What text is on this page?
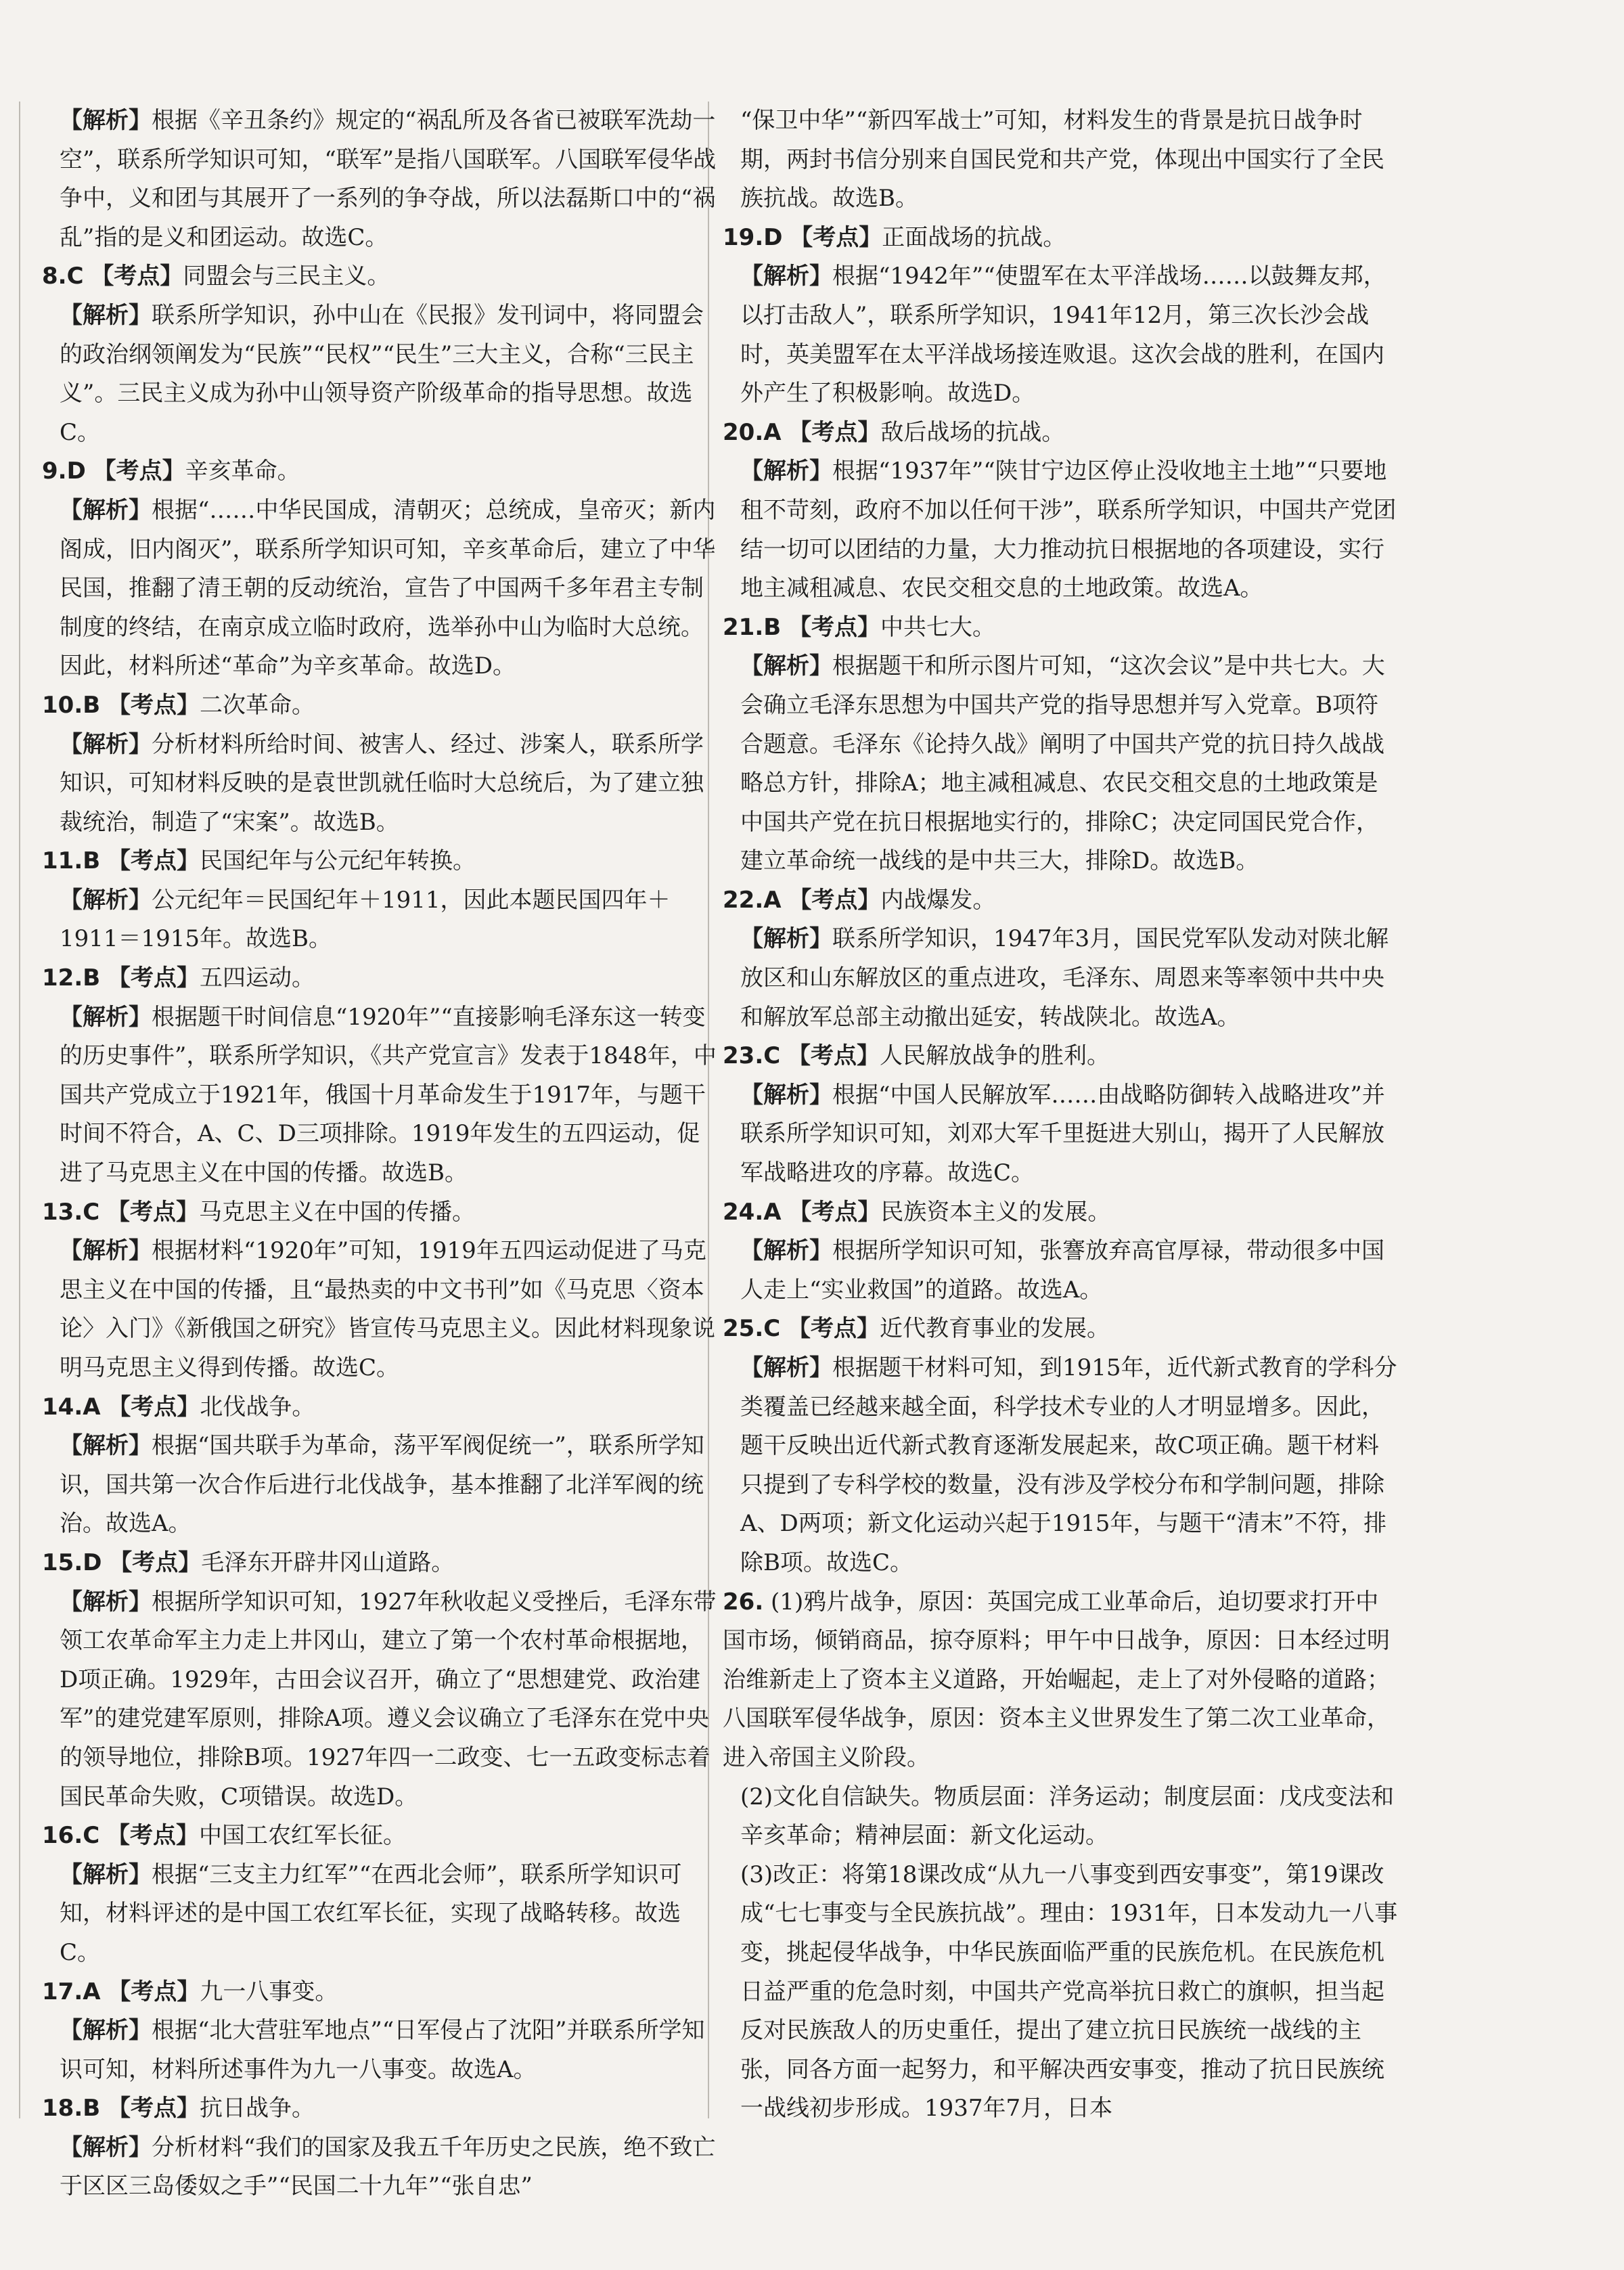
【解析】根据《辛丑条约》规定的“祸乱所及各省已被联军洗劫一空”，联系所学知识可知，“联军”是指八国联军。八国联军侵华战争中，义和团与其展开了一系列的争夺战，所以法磊斯口中的“祸乱”指的是义和团运动。故选C。
8.C 【考点】同盟会与三民主义。
【解析】联系所学知识，孙中山在《民报》发刊词中，将同盟会的政治纲领阐发为“民族”“民权”“民生”三大主义，合称“三民主义”。三民主义成为孙中山领导资产阶级革命的指导思想。故选C。
9.D 【考点】辛亥革命。
【解析】根据“……中华民国成，清朝灭；总统成，皇帝灭；新内阁成，旧内阁灭”，联系所学知识可知，辛亥革命后，建立了中华民国，推翻了清王朝的反动统治，宣告了中国两千多年君主专制制度的终结，在南京成立临时政府，选举孙中山为临时大总统。因此，材料所述“革命”为辛亥革命。故选D。
10.B 【考点】二次革命。
【解析】分析材料所给时间、被害人、经过、涉案人，联系所学知识，可知材料反映的是袁世凯就任临时大总统后，为了建立独裁统治，制造了“宋案”。故选B。
11.B 【考点】民国纪年与公元纪年转换。
【解析】公元纪年＝民国纪年＋1911，因此本题民国四年＋1911＝1915年。故选B。
12.B 【考点】五四运动。
【解析】根据题干时间信息“1920年”“直接影响毛泽东这一转变的历史事件”，联系所学知识，《共产党宣言》发表于1848年，中国共产党成立于1921年，俄国十月革命发生于1917年，与题干时间不符合，A、C、D三项排除。1919年发生的五四运动，促进了马克思主义在中国的传播。故选B。
13.C 【考点】马克思主义在中国的传播。
【解析】根据材料“1920年”可知，1919年五四运动促进了马克思主义在中国的传播，且“最热卖的中文书刊”如《马克思〈资本论〉入门》《新俄国之研究》皆宣传马克思主义。因此材料现象说明马克思主义得到传播。故选C。
14.A 【考点】北伐战争。
【解析】根据“国共联手为革命，荡平军阀促统一”，联系所学知识，国共第一次合作后进行北伐战争，基本推翻了北洋军阀的统治。故选A。
15.D 【考点】毛泽东开辟井冈山道路。
【解析】根据所学知识可知，1927年秋收起义受挫后，毛泽东带领工农革命军主力走上井冈山，建立了第一个农村革命根据地，D项正确。1929年，古田会议召开，确立了“思想建党、政治建军”的建党建军原则，排除A项。遵义会议确立了毛泽东在党中央的领导地位，排除B项。1927年四一二政变、七一五政变标志着国民革命失败，C项错误。故选D。
16.C 【考点】中国工农红军长征。
【解析】根据“三支主力红军”“在西北会师”，联系所学知识可知，材料评述的是中国工农红军长征，实现了战略转移。故选C。
17.A 【考点】九一八事变。
【解析】根据“北大营驻军地点”“日军侵占了沈阳”并联系所学知识可知，材料所述事件为九一八事变。故选A。
18.B 【考点】抗日战争。
【解析】分析材料“我们的国家及我五千年历史之民族，绝不致亡于区区三岛倭奴之手”“民国二十九年”“张自忠”
“保卫中华”“新四军战士”可知，材料发生的背景是抗日战争时期，两封书信分别来自国民党和共产党，体现出中国实行了全民族抗战。故选B。
19.D 【考点】正面战场的抗战。
【解析】根据“1942年”“使盟军在太平洋战场……以鼓舞友邦，以打击敌人”，联系所学知识，1941年12月，第三次长沙会战时，英美盟军在太平洋战场接连败退。这次会战的胜利，在国内外产生了积极影响。故选D。
20.A 【考点】敌后战场的抗战。
【解析】根据“1937年”“陕甘宁边区停止没收地主土地”“只要地租不苛刻，政府不加以任何干涉”，联系所学知识，中国共产党团结一切可以团结的力量，大力推动抗日根据地的各项建设，实行地主减租减息、农民交租交息的土地政策。故选A。
21.B 【考点】中共七大。
【解析】根据题干和所示图片可知，“这次会议”是中共七大。大会确立毛泽东思想为中国共产党的指导思想并写入党章。B项符合题意。毛泽东《论持久战》阐明了中国共产党的抗日持久战战略总方针，排除A；地主减租减息、农民交租交息的土地政策是中国共产党在抗日根据地实行的，排除C；决定同国民党合作，建立革命统一战线的是中共三大，排除D。故选B。
22.A 【考点】内战爆发。
【解析】联系所学知识，1947年3月，国民党军队发动对陕北解放区和山东解放区的重点进攻，毛泽东、周恩来等率领中共中央和解放军总部主动撤出延安，转战陕北。故选A。
23.C 【考点】人民解放战争的胜利。
【解析】根据“中国人民解放军……由战略防御转入战略进攻”并联系所学知识可知，刘邓大军千里挺进大别山，揭开了人民解放军战略进攻的序幕。故选C。
24.A 【考点】民族资本主义的发展。
【解析】根据所学知识可知，张謇放弃高官厚禄，带动很多中国人走上“实业救国”的道路。故选A。
25.C 【考点】近代教育事业的发展。
【解析】根据题干材料可知，到1915年，近代新式教育的学科分类覆盖已经越来越全面，科学技术专业的人才明显增多。因此，题干反映出近代新式教育逐渐发展起来，故C项正确。题干材料只提到了专科学校的数量，没有涉及学校分布和学制问题，排除A、D两项；新文化运动兴起于1915年，与题干“清末”不符，排除B项。故选C。
26. (1)鸦片战争，原因：英国完成工业革命后，迫切要求打开中国市场，倾销商品，掠夺原料；甲午中日战争，原因：日本经过明治维新走上了资本主义道路，开始崛起，走上了对外侵略的道路；八国联军侵华战争，原因：资本主义世界发生了第二次工业革命，进入帝国主义阶段。
(2)文化自信缺失。物质层面：洋务运动；制度层面：戊戌变法和辛亥革命；精神层面：新文化运动。
(3)改正：将第18课改成“从九一八事变到西安事变”，第19课改成“七七事变与全民族抗战”。理由：1931年，日本发动九一八事变，挑起侵华战争，中华民族面临严重的民族危机。在民族危机日益严重的危急时刻，中国共产党高举抗日救亡的旗帜，担当起反对民族敌人的历史重任，提出了建立抗日民族统一战线的主张，同各方面一起努力，和平解决西安事变，推动了抗日民族统一战线初步形成。1937年7月，日本
